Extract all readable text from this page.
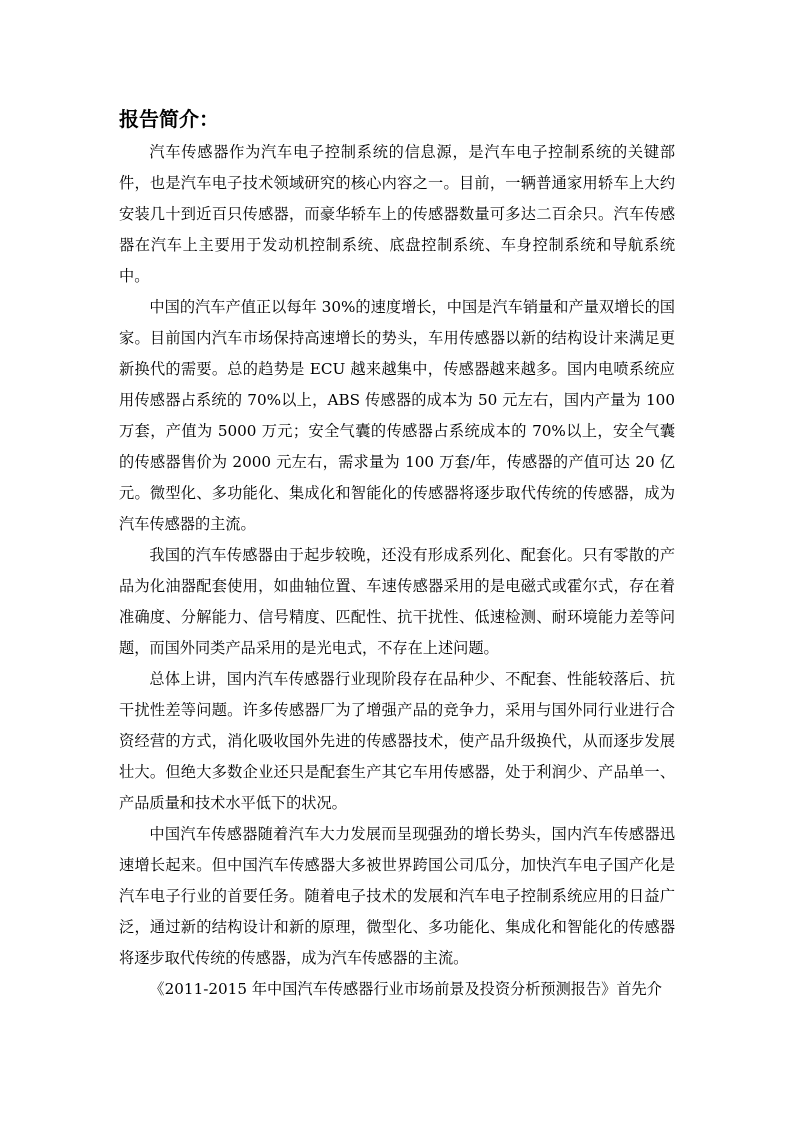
报告简介：

汽车传感器作为汽车电子控制系统的信息源，是汽车电子控制系统的关键部件，也是汽车电子技术领域研究的核心内容之一。目前，一辆普通家用轿车上大约安装几十到近百只传感器，而豪华轿车上的传感器数量可多达二百余只。汽车传感器在汽车上主要用于发动机控制系统、底盘控制系统、车身控制系统和导航系统中。

中国的汽车产值正以每年 30%的速度增长，中国是汽车销量和产量双增长的国家。目前国内汽车市场保持高速增长的势头，车用传感器以新的结构设计来满足更新换代的需要。总的趋势是 ECU 越来越集中，传感器越来越多。国内电喷系统应用传感器占系统的 70%以上，ABS 传感器的成本为 50 元左右，国内产量为 100 万套，产值为 5000 万元；安全气囊的传感器占系统成本的 70%以上，安全气囊的传感器售价为 2000 元左右，需求量为 100 万套/年，传感器的产值可达 20 亿元。微型化、多功能化、集成化和智能化的传感器将逐步取代传统的传感器，成为汽车传感器的主流。

我国的汽车传感器由于起步较晚，还没有形成系列化、配套化。只有零散的产品为化油器配套使用，如曲轴位置、车速传感器采用的是电磁式或霍尔式，存在着准确度、分解能力、信号精度、匹配性、抗干扰性、低速检测、耐环境能力差等问题，而国外同类产品采用的是光电式，不存在上述问题。

总体上讲，国内汽车传感器行业现阶段存在品种少、不配套、性能较落后、抗干扰性差等问题。许多传感器厂为了增强产品的竞争力，采用与国外同行业进行合资经营的方式，消化吸收国外先进的传感器技术，使产品升级换代，从而逐步发展壮大。但绝大多数企业还只是配套生产其它车用传感器，处于利润少、产品单一、产品质量和技术水平低下的状况。

中国汽车传感器随着汽车大力发展而呈现强劲的增长势头，国内汽车传感器迅速增长起来。但中国汽车传感器大多被世界跨国公司瓜分，加快汽车电子国产化是汽车电子行业的首要任务。随着电子技术的发展和汽车电子控制系统应用的日益广泛，通过新的结构设计和新的原理，微型化、多功能化、集成化和智能化的传感器将逐步取代传统的传感器，成为汽车传感器的主流。

《2011-2015 年中国汽车传感器行业市场前景及投资分析预测报告》首先介
